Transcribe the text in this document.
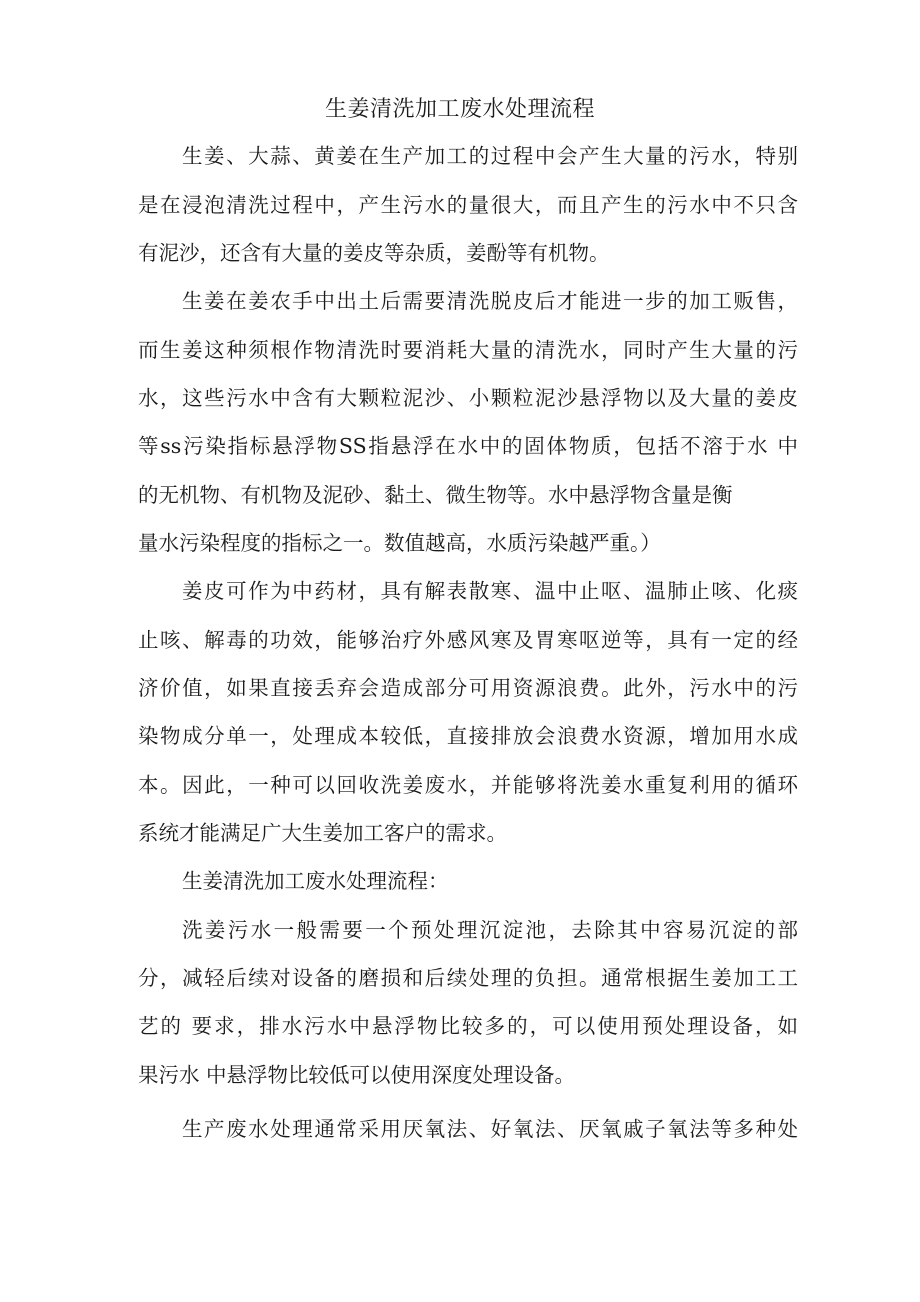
生姜清洗加工废水处理流程
生姜、大蒜、黄姜在生产加工的过程中会产生大量的污水，特别
是在浸泡清洗过程中，产生污水的量很大，而且产生的污水中不只含
有泥沙，还含有大量的姜皮等杂质，姜酚等有机物。
生姜在姜农手中出土后需要清洗脱皮后才能进一步的加工贩售，
而生姜这种须根作物清洗时要消耗大量的清洗水，同时产生大量的污
水，这些污水中含有大颗粒泥沙、小颗粒泥沙悬浮物以及大量的姜皮
等ss污染指标悬浮物SS指悬浮在水中的固体物质，包括不溶于水 中
的无机物、有机物及泥砂、黏土、微生物等。水中悬浮物含量是衡
量水污染程度的指标之一。数值越高，水质污染越严重。）
姜皮可作为中药材，具有解表散寒、温中止呕、温肺止咳、化痰
止咳、解毒的功效，能够治疗外感风寒及胃寒呕逆等，具有一定的经
济价值，如果直接丢弃会造成部分可用资源浪费。此外，污水中的污
染物成分单一，处理成本较低，直接排放会浪费水资源，增加用水成
本。因此，一种可以回收洗姜废水，并能够将洗姜水重复利用的循环
系统才能满足广大生姜加工客户的需求。
生姜清洗加工废水处理流程：
洗姜污水一般需要一个预处理沉淀池，去除其中容易沉淀的部
分，减轻后续对设备的磨损和后续处理的负担。通常根据生姜加工工
艺的 要求，排水污水中悬浮物比较多的，可以使用预处理设备，如
果污水 中悬浮物比较低可以使用深度处理设备。
生产废水处理通常采用厌氧法、好氧法、厌氧戚子氧法等多种处
